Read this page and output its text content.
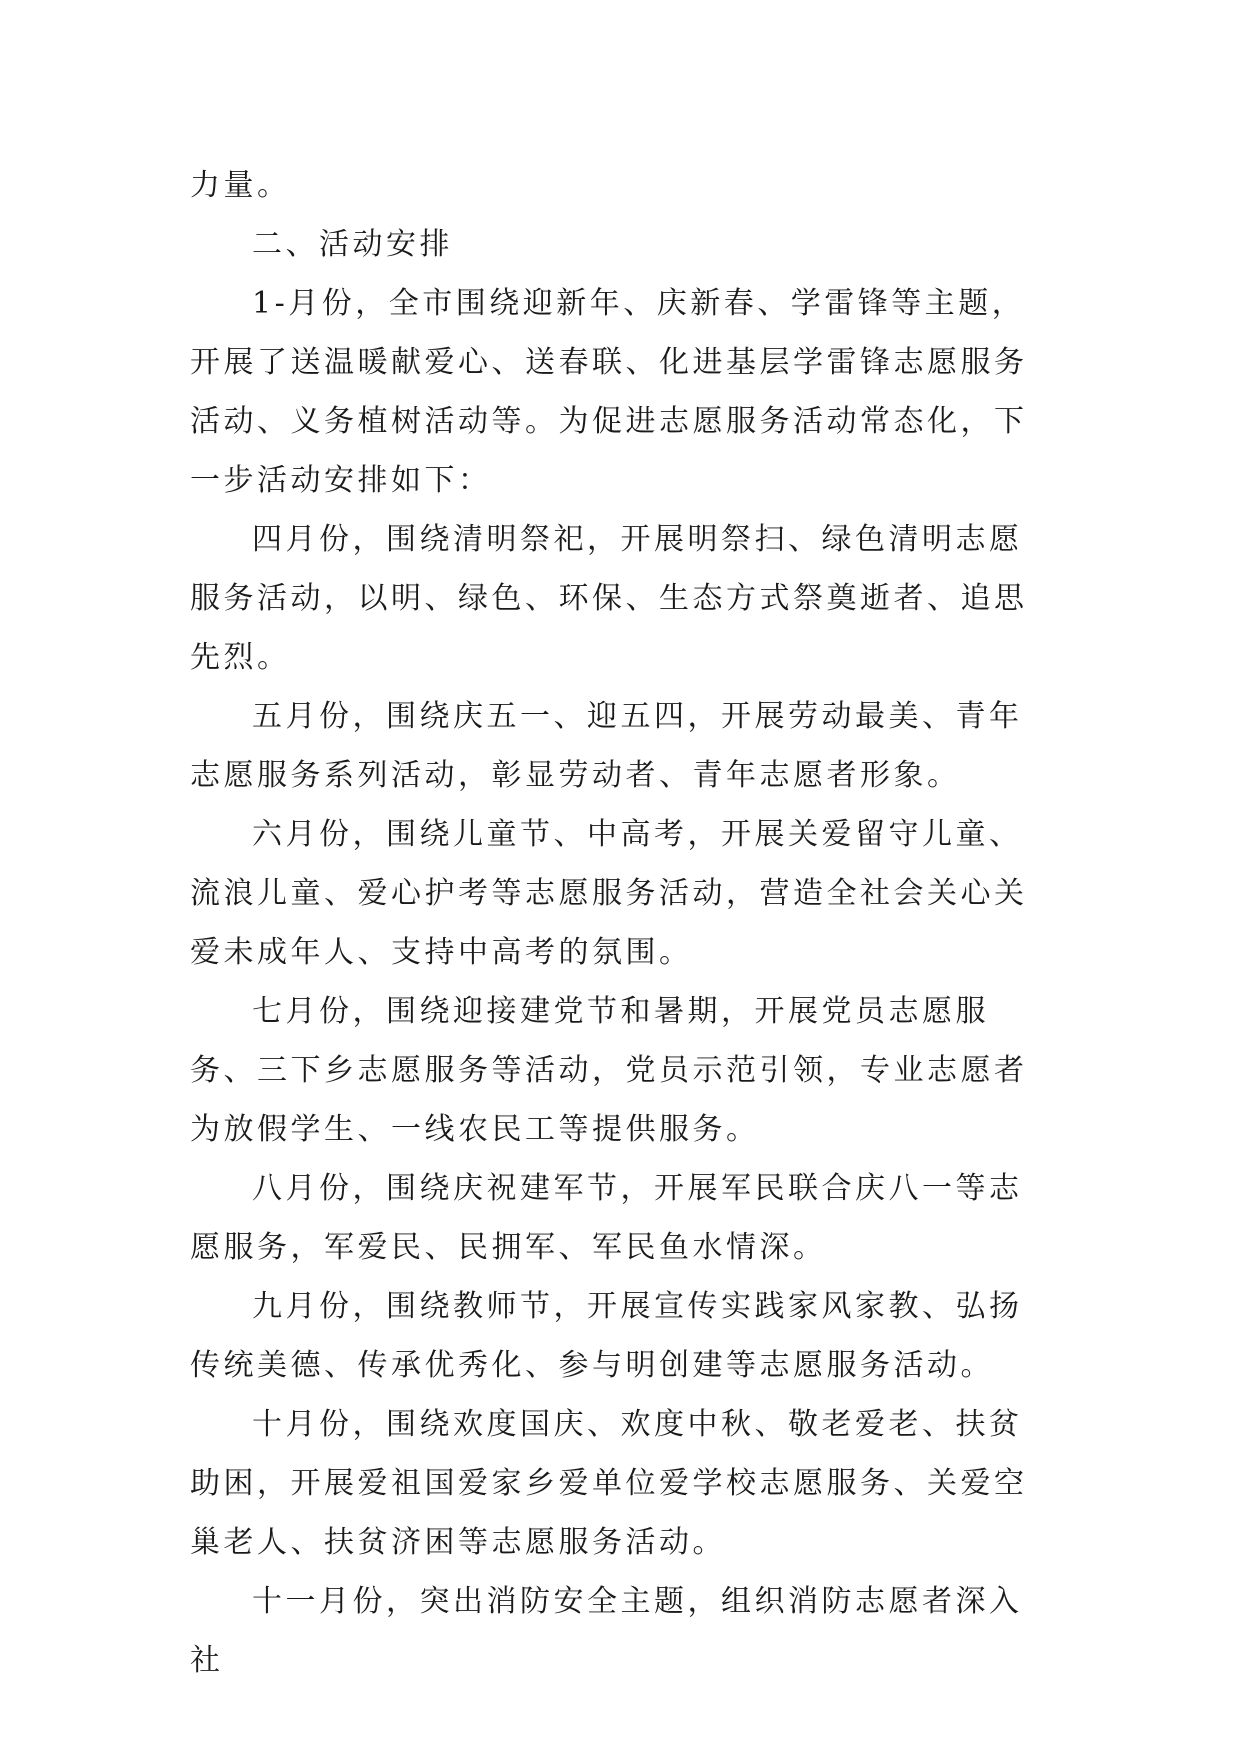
力量。

二、活动安排

1-月份，全市围绕迎新年、庆新春、学雷锋等主题，开展了送温暖献爱心、送春联、化进基层学雷锋志愿服务活动、义务植树活动等。为促进志愿服务活动常态化，下一步活动安排如下：

四月份，围绕清明祭祀，开展明祭扫、绿色清明志愿服务活动，以明、绿色、环保、生态方式祭奠逝者、追思先烈。

五月份，围绕庆五一、迎五四，开展劳动最美、青年志愿服务系列活动，彰显劳动者、青年志愿者形象。

六月份，围绕儿童节、中高考，开展关爱留守儿童、流浪儿童、爱心护考等志愿服务活动，营造全社会关心关爱未成年人、支持中高考的氛围。

七月份，围绕迎接建党节和暑期，开展党员志愿服务、三下乡志愿服务等活动，党员示范引领，专业志愿者为放假学生、一线农民工等提供服务。

八月份，围绕庆祝建军节，开展军民联合庆八一等志愿服务，军爱民、民拥军、军民鱼水情深。

九月份，围绕教师节，开展宣传实践家风家教、弘扬传统美德、传承优秀化、参与明创建等志愿服务活动。

十月份，围绕欢度国庆、欢度中秋、敬老爱老、扶贫助困，开展爱祖国爱家乡爱单位爱学校志愿服务、关爱空巢老人、扶贫济困等志愿服务活动。

十一月份，突出消防安全主题，组织消防志愿者深入社
